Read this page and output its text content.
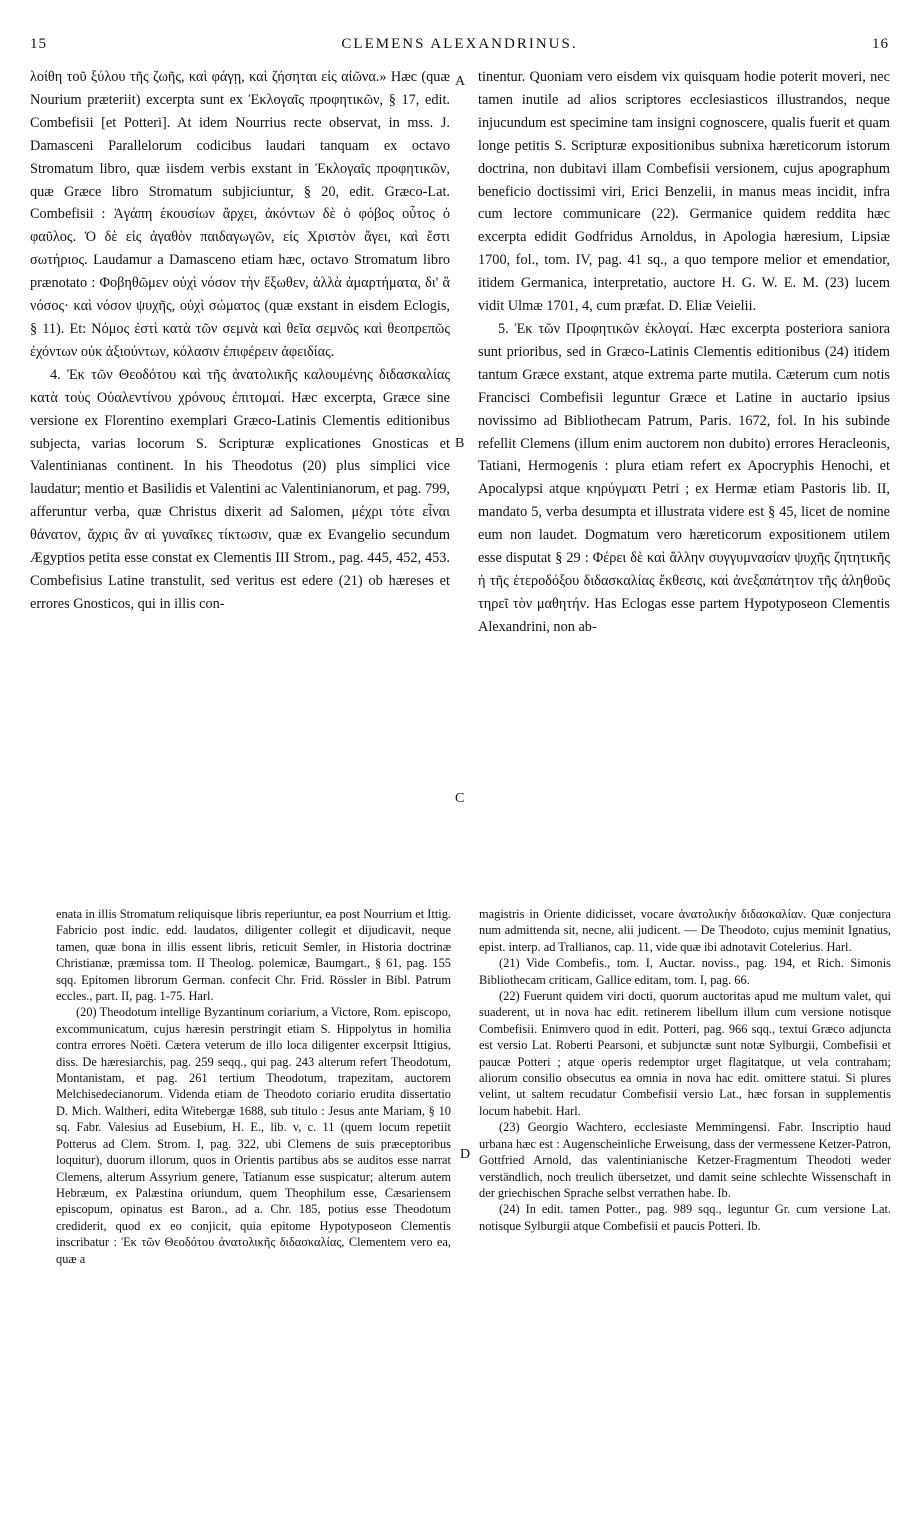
15	CLEMENS ALEXANDRINUS.	16

λοίθη τοῦ ξύλου τῆς ζωῆς, καὶ φάγῃ, καὶ ζήσηται εἰς αἰῶνα.» Hæc (quæ Nourium præteriit) excerpta sunt ex Ἐκλογαῖς προφητικῶν, § 17, edit. Combefisii [et Potteri]. At idem Nourrius recte observat, in mss. J. Damasceni Parallelorum codicibus laudari tanquam ex octavo Stromatum libro, quæ iisdem verbis exstant in Ἐκλογαῖς προφητικῶν, quæ Græce libro Stromatum subjiciuntur, § 20, edit. Græco-Lat. Combefisii : Ἀγάπη ἑκουσίων ἄρχει, ἀκόντων δὲ ὁ φόβος οὗτος ὁ φαῦλος. Ὁ δὲ εἰς ἀγαθὸν παιδαγωγῶν, εἰς Χριστὸν ἄγει, καὶ ἔστι σωτήριος. Laudamur a Damasceno etiam hæc, octavo Stromatum libro prænotato : Φοβηθῶμεν οὐχὶ νόσον τὴν ἔξωθεν, ἀλλὰ ἁμαρτήματα, δι' ἃ νόσος· καὶ νόσον ψυχῆς, οὐχὶ σώματος (quæ exstant in eisdem Eclogis, § 11). Et: Νόμος ἐστὶ κατὰ τῶν σεμνὰ καὶ θεῖα σεμνῶς καὶ θεοπρεπῶς ἐχόντων οὐκ ἀξιούντων, κόλασιν ἐπιφέρειν ἀφειδίας.

4. Ἐκ τῶν Θεοδότου καὶ τῆς ἀνατολικῆς καλουμένης διδασκαλίας κατὰ τοὺς Οὐαλεντίνου χρόνους ἐπιτομαί. Hæc excerpta, Græce sine versione ex Florentino exemplari Græco-Latinis Clementis editionibus subjecta, varias locorum S. Scripturæ explicationes Gnosticas et Valentinianas continent. In his Theodotus (20) plus simplici vice laudatur; mentio et Basilidis et Valentini ac Valentinianorum, et pag. 799, afferuntur verba, quæ Christus dixerit ad Salomen, μέχρι τότε εἶναι θάνατον, ἄχρις ἂν αἱ γυναῖκες τίκτωσιν, quæ ex Evangelio secundum Ægyptios petita esse constat ex Clementis III Strom., pag. 445, 452, 453. Combefisius Latine transtulit, sed veritus est edere (21) ob hæreses et errores Gnosticos, qui in illis con-

tinentur. Quoniam vero eisdem vix quisquam hodie poterit moveri, nec tamen inutile ad alios scriptores ecclesiasticos illustrandos, neque injucundum est specimine tam insigni cognoscere, qualis fuerit et quam longe petitis S. Scripturæ expositionibus subnixa hæreticorum istorum doctrina, non dubitavi illam Combefisii versionem, cujus apographum beneficio doctissimi viri, Erici Benzelii, in manus meas incidit, infra cum lectore communicare (22). Germanice quidem reddita hæc excerpta edidit Godfridus Arnoldus, in Apologia hæresium, Lipsiæ 1700, fol., tom. IV, pag. 41 sq., a quo tempore melior et emendatior, itidem Germanica, interpretatio, auctore H. G. W. E. M. (23) lucem vidit Ulmæ 1701, 4, cum præfat. D. Eliæ Veielii.

5. Ἐκ τῶν Προφητικῶν ἐκλογαί. Hæc excerpta posteriora saniora sunt prioribus, sed in Græco-Latinis Clementis editionibus (24) itidem tantum Græce exstant, atque extrema parte mutila. Cæterum cum notis Francisci Combefisii leguntur Græce et Latine in auctario ipsius novissimo ad Bibliothecam Patrum, Paris. 1672, fol. In his subinde refellit Clemens (illum enim auctorem non dubito) errores Heracleonis, Tatiani, Hermogenis : plura etiam refert ex Apocryphis Henochi, et Apocalypsi atque κηρύγματι Petri ; ex Hermæ etiam Pastoris lib. II, mandato 5, verba desumpta et illustrata videre est § 45, licet de nomine eum non laudet. Dogmatum vero hæreticorum expositionem utilem esse disputat § 29 : Φέρει δὲ καὶ ἄλλην συγγυμνασίαν ψυχῆς ζητητικῆς ἡ τῆς ἑτεροδόξου διδασκαλίας ἔκθεσις, καὶ ἀνεξαπάτητον τῆς ἀληθοῦς τηρεῖ τὸν μαθητήν. Has Eclogas esse partem Hypotyposeon Clementis Alexandrini, non ab-

A
B
C
D

enata in illis Stromatum reliquisque libris reperiuntur, ea post Nourrium et Ittig. Fabricio post indic. edd. laudatos, diligenter collegit et dijudicavit, neque tamen, quæ bona in illis essent libris, reticuit Semler, in Historia doctrinæ Christianæ, præmissa tom. II Theolog. polemicæ, Baumgart., § 61, pag. 155 sqq. Epitomen librorum German. confecit Chr. Frid. Rössler in Bibl. Patrum eccles., part. II, pag. 1-75. Harl.

(20) Theodotum intellige Byzantinum coriarium, a Victore, Rom. episcopo, excommunicatum, cujus hæresin perstringit etiam S. Hippolytus in homilia contra errores Noëti. Cætera veterum de illo loca diligenter excerpsit Ittigius, diss. De hæresiarchis, pag. 259 seqq., qui pag. 243 alterum refert Theodotum, Montanistam, et pag. 261 tertium Theodotum, trapezitam, auctorem Melchisedecianorum. Videnda etiam de Theodoto coriario erudita dissertatio D. Mich. Waltheri, edita Witebergæ 1688, sub titulo : Jesus ante Mariam, § 10 sq. Fabr. Valesius ad Eusebium, H. E., lib. v, c. 11 (quem locum repetiit Potterus ad Clem. Strom. I, pag. 322, ubi Clemens de suis præceptoribus loquitur), duorum illorum, quos in Orientis partibus abs se auditos esse narrat Clemens, alterum Assyrium genere, Tatianum esse suspicatur; alterum autem Hebræum, ex Palæstina oriundum, quem Theophilum esse, Cæsariensem episcopum, opinatus est Baron., ad a. Chr. 185, potius esse Theodotum crediderit, quod ex eo conjicit, quia epitome Hypotyposeon Clementis inscribatur : Ἐκ τῶν Θεοδότου ἀνατολικῆς διδασκαλίας, Clementem vero ea, quæ a

magistris in Oriente didicisset, vocare ἀνατολικὴν διδασκαλίαν. Quæ conjectura num admittenda sit, necne, alii judicent. — De Theodoto, cujus meminit Ignatius, epist. interp. ad Trallianos, cap. 11, vide quæ ibi adnotavit Cotelerius. Harl.

(21) Vide Combefis., tom. I, Auctar. noviss., pag. 194, et Rich. Simonis Bibliothecam criticam, Gallice editam, tom. I, pag. 66.

(22) Fuerunt quidem viri docti, quorum auctoritas apud me multum valet, qui suaderent, ut in nova hac edit. retinerem libellum illum cum versione notisque Combefisii. Enimvero quod in edit. Potteri, pag. 966 sqq., textui Græco adjuncta est versio Lat. Roberti Pearsoni, et subjunctæ sunt notæ Sylburgii, Combefisii et paucæ Potteri ; atque operis redemptor urget flagitatque, ut vela contraham; aliorum consilio obsecutus ea omnia in nova hac edit. omittere statui. Si plures velint, ut saltem recudatur Combefisii versio Lat., hæc forsan in supplementis locum habebit. Harl.

(23) Georgio Wachtero, ecclesiaste Memmingensi. Fabr. Inscriptio haud urbana hæc est : Augenscheinliche Erweisung, dass der vermessene Ketzer-Patron, Gottfried Arnold, das valentinianische Ketzer-Fragmentum Theodoti weder verständlich, noch treulich übersetzet, und damit seine schlechte Wissenschaft in der griechischen Sprache selbst verrathen habe. Ib.

(24) In edit. tamen Potter., pag. 989 sqq., leguntur Gr. cum versione Lat. notisque Sylburgii atque Combefisii et paucis Potteri. Ib.
